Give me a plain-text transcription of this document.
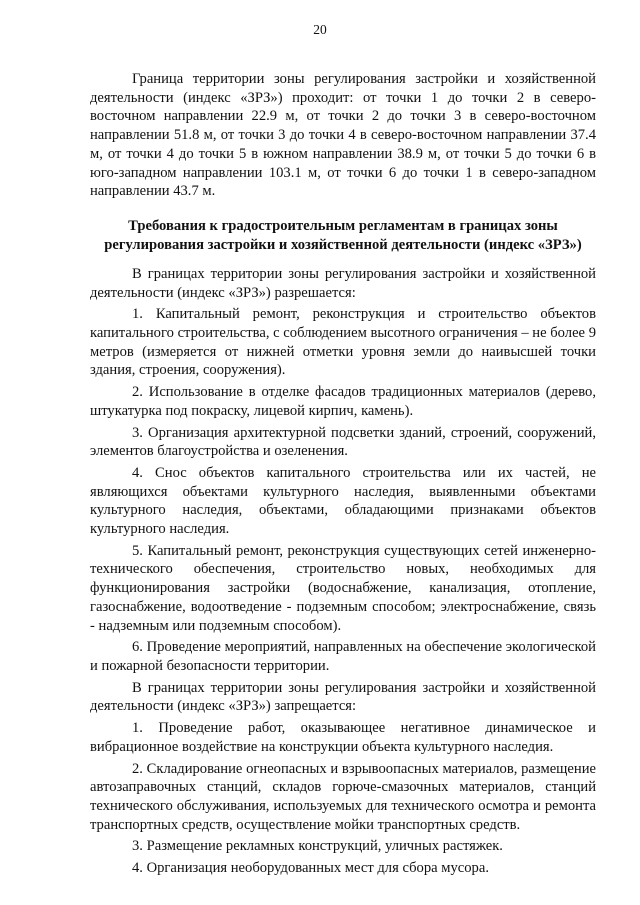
20

Граница территории зоны регулирования застройки и хозяйственной деятельности (индекс «ЗРЗ») проходит: от точки 1 до точки 2 в северо-восточном направлении 22.9 м, от точки 2 до точки 3 в северо-восточном направлении 51.8 м, от точки 3 до точки 4 в северо-восточном направлении 37.4 м, от точки 4 до точки 5 в южном направлении 38.9 м, от точки 5 до точки 6 в юго-западном направлении 103.1 м, от точки 6 до точки 1 в северо-западном направлении 43.7 м.

Требования к градостроительным регламентам в границах зоны регулирования застройки и хозяйственной деятельности (индекс «ЗРЗ»)

В границах территории зоны регулирования застройки и хозяйственной деятельности (индекс «ЗРЗ») разрешается:

1. Капитальный ремонт, реконструкция и строительство объектов капитального строительства, с соблюдением высотного ограничения – не более 9 метров (измеряется от нижней отметки уровня земли до наивысшей точки здания, строения, сооружения).

2. Использование в отделке фасадов традиционных материалов (дерево, штукатурка под покраску, лицевой кирпич, камень).

3. Организация архитектурной подсветки зданий, строений, сооружений, элементов благоустройства и озеленения.

4. Снос объектов капитального строительства или их частей, не являющихся объектами культурного наследия, выявленными объектами культурного наследия, объектами, обладающими признаками объектов культурного наследия.

5. Капитальный ремонт, реконструкция существующих сетей инженерно-технического обеспечения, строительство новых, необходимых для функционирования застройки (водоснабжение, канализация, отопление, газоснабжение, водоотведение - подземным способом; электроснабжение, связь - надземным или подземным способом).

6. Проведение мероприятий, направленных на обеспечение экологической и пожарной безопасности территории.

В границах территории зоны регулирования застройки и хозяйственной деятельности (индекс «ЗРЗ») запрещается:

1. Проведение работ, оказывающее негативное динамическое и вибрационное воздействие на конструкции объекта культурного наследия.

2. Складирование огнеопасных и взрывоопасных материалов, размещение автозаправочных станций, складов горюче-смазочных материалов, станций технического обслуживания, используемых для технического осмотра и ремонта транспортных средств, осуществление мойки транспортных средств.

3. Размещение рекламных конструкций, уличных растяжек.

4. Организация необорудованных мест для сбора мусора.
